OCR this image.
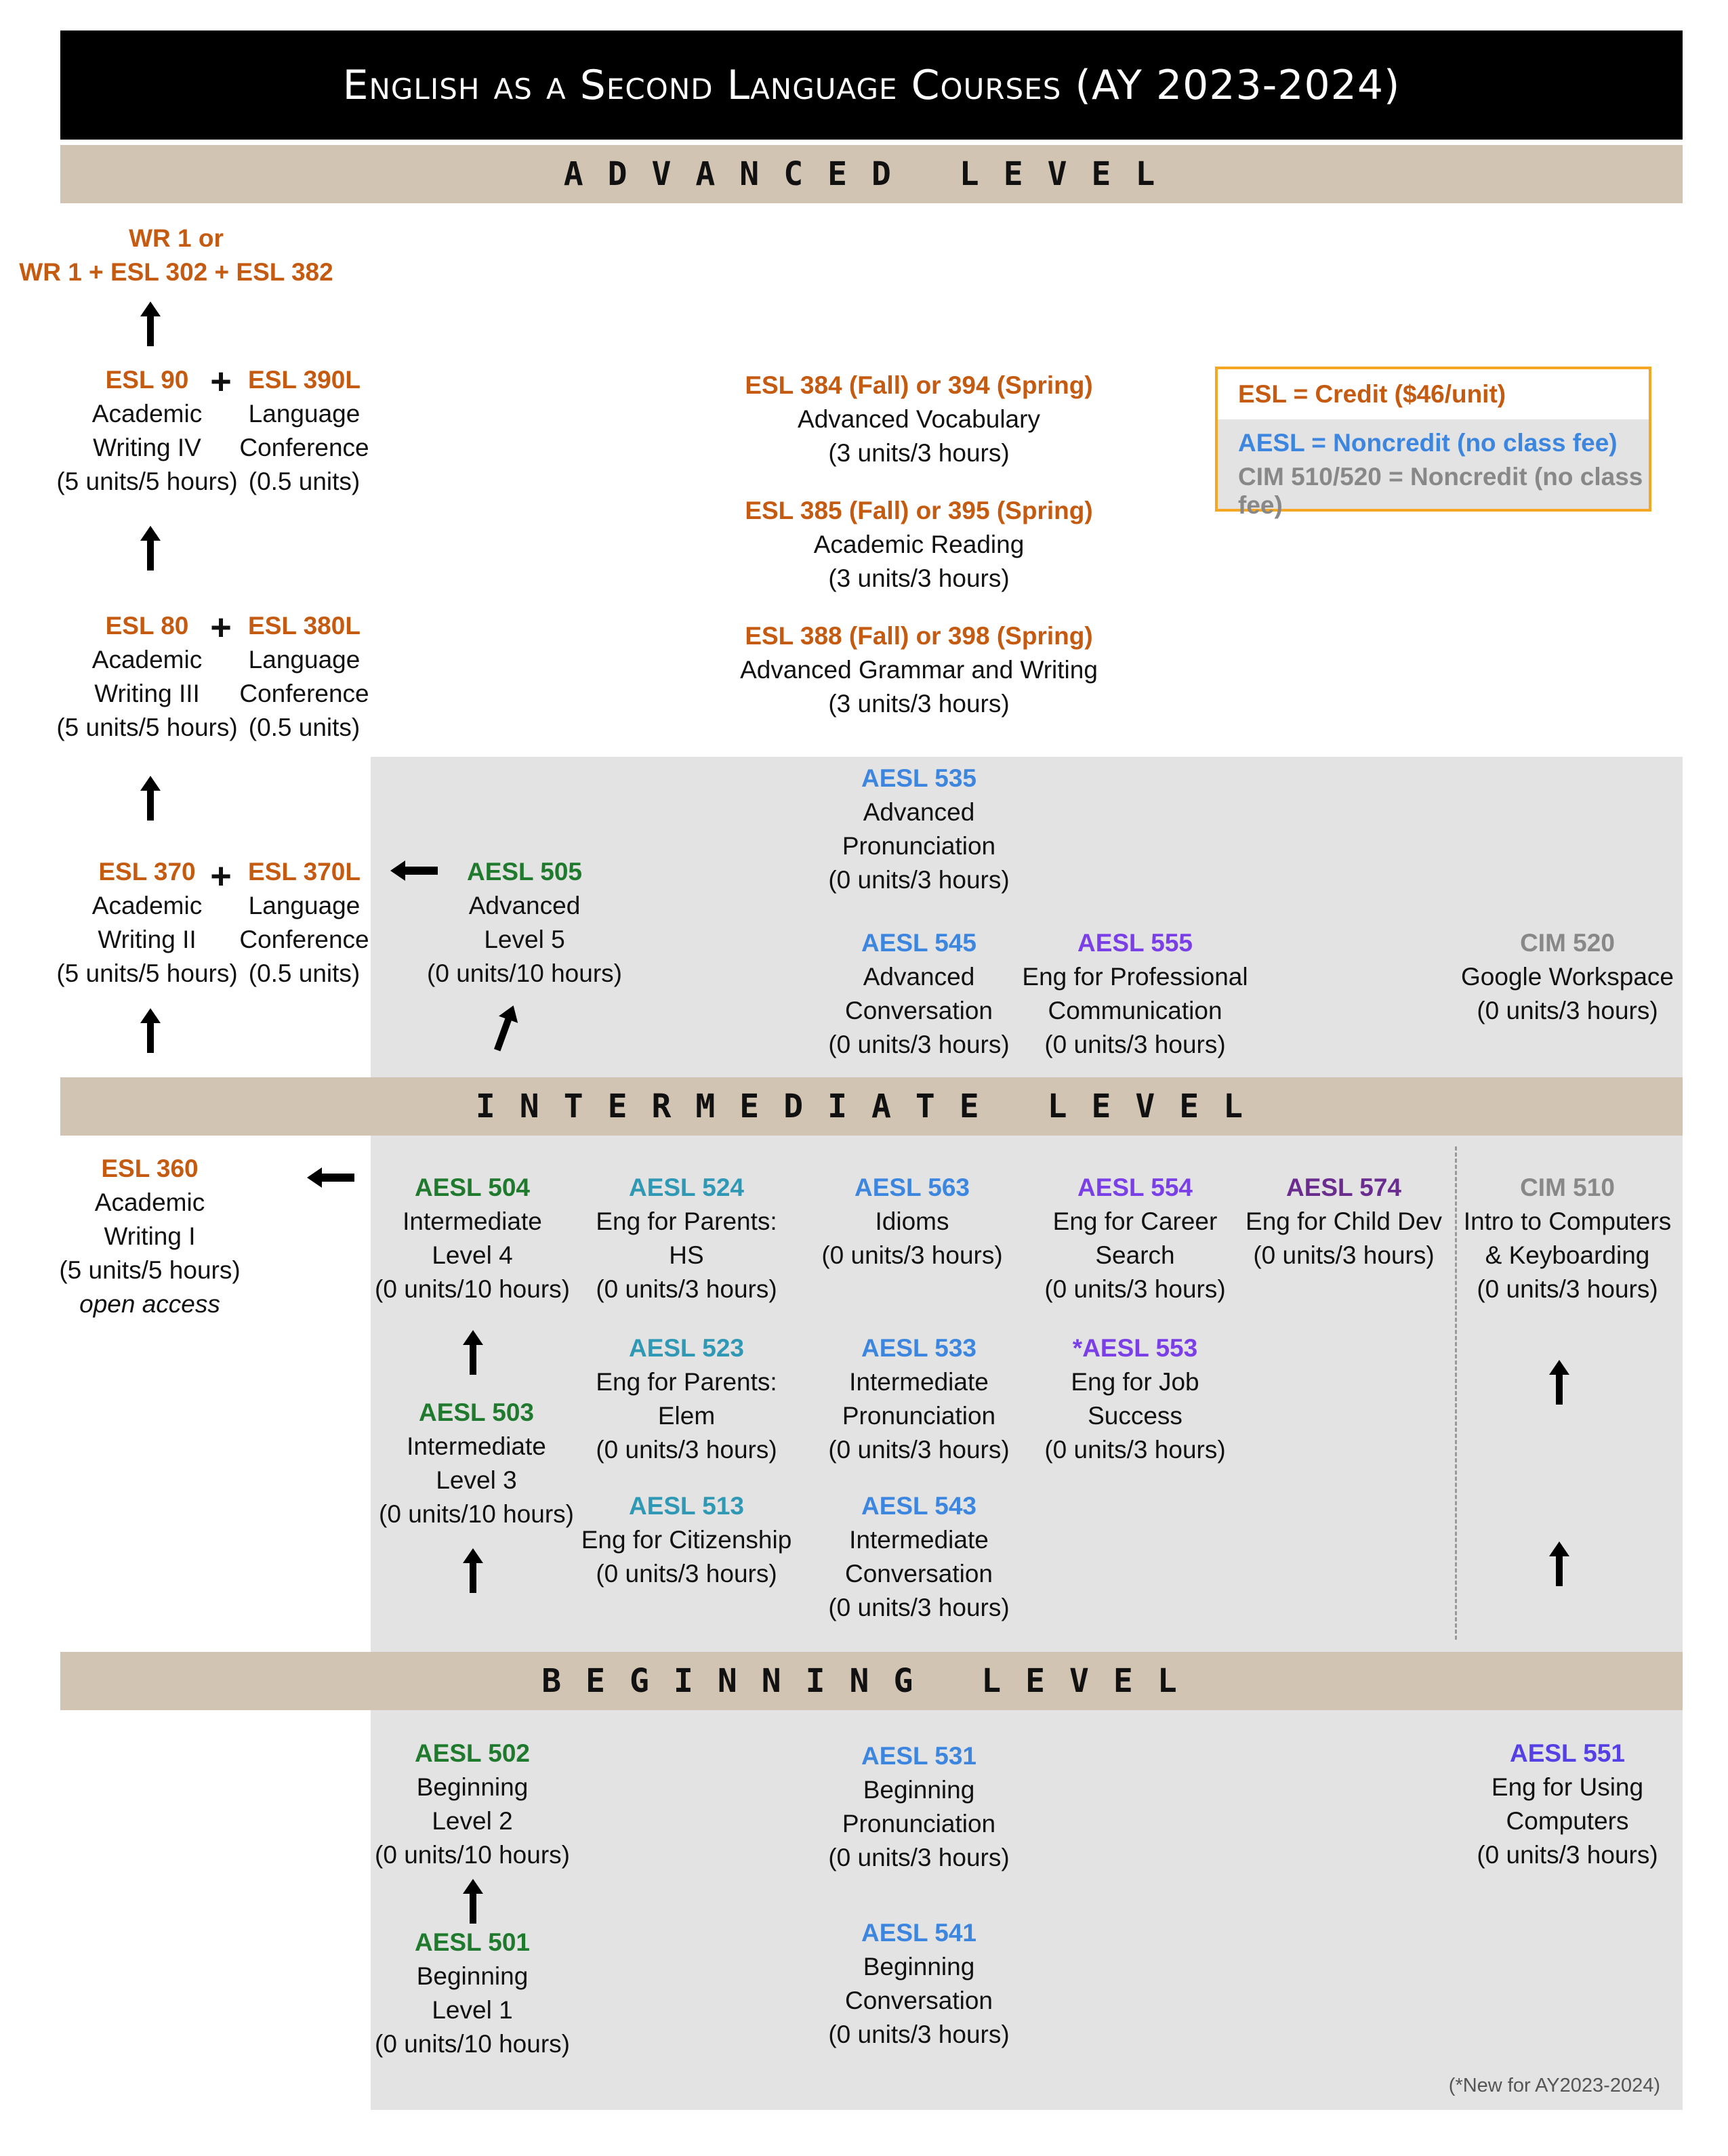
English as a Second Language Courses (AY 2023-2024)
ADVANCED LEVEL
INTERMEDIATE LEVEL
BEGINNING LEVEL
ESL = Credit ($46/unit)
AESL = Noncredit (no class fee)
CIM 510/520 = Noncredit (no class fee)
WR 1 or
WR 1 + ESL 302 + ESL 382
ESL 90
Academic
Writing IV
(5 units/5 hours)
+ ESL 390L
Language
Conference
(0.5 units)
ESL 80
Academic
Writing III
(5 units/5 hours)
+ ESL 380L
Language
Conference
(0.5 units)
ESL 370
Academic
Writing II
(5 units/5 hours)
+ ESL 370L
Language
Conference
(0.5 units)
ESL 384 (Fall) or 394 (Spring)
Advanced Vocabulary
(3 units/3 hours)
ESL 385 (Fall) or 395 (Spring)
Academic Reading
(3 units/3 hours)
ESL 388 (Fall) or 398 (Spring)
Advanced Grammar and Writing
(3 units/3 hours)
AESL 535
Advanced
Pronunciation
(0 units/3 hours)
AESL 505
Advanced
Level 5
(0 units/10 hours)
AESL 545
Advanced
Conversation
(0 units/3 hours)
AESL 555
Eng for Professional
Communication
(0 units/3 hours)
CIM 520
Google Workspace
(0 units/3 hours)
ESL 360
Academic
Writing I
(5 units/5 hours)
open access
AESL 504
Intermediate
Level 4
(0 units/10 hours)
AESL 524
Eng for Parents:
HS
(0 units/3 hours)
AESL 563
Idioms
(0 units/3 hours)
AESL 554
Eng for Career
Search
(0 units/3 hours)
AESL 574
Eng for Child Dev
(0 units/3 hours)
CIM 510
Intro to Computers
& Keyboarding
(0 units/3 hours)
AESL 503
Intermediate
Level 3
(0 units/10 hours)
AESL 523
Eng for Parents:
Elem
(0 units/3 hours)
AESL 533
Intermediate
Pronunciation
(0 units/3 hours)
*AESL 553
Eng for Job
Success
(0 units/3 hours)
AESL 513
Eng for Citizenship
(0 units/3 hours)
AESL 543
Intermediate
Conversation
(0 units/3 hours)
AESL 502
Beginning
Level 2
(0 units/10 hours)
AESL 531
Beginning
Pronunciation
(0 units/3 hours)
AESL 551
Eng for Using
Computers
(0 units/3 hours)
AESL 501
Beginning
Level 1
(0 units/10 hours)
AESL 541
Beginning
Conversation
(0 units/3 hours)
(*New for AY2023-2024)
